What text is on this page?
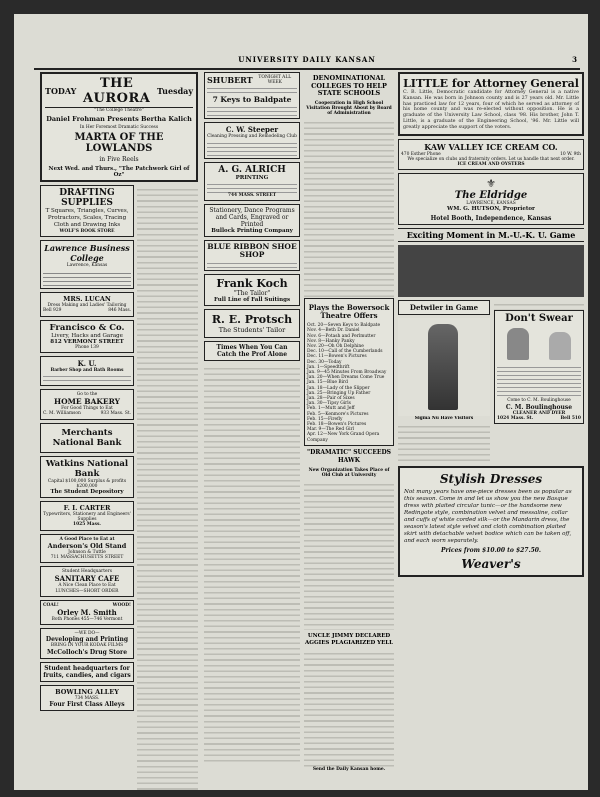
UNIVERSITY DAILY KANSAN	3
TODAY	THE AURORA Tuesday
"The College Theatre"
Daniel Frohman Presents Bertha Kalich
In Her Foremost Dramatic Success
MARTA OF THE LOWLANDS
in Five Reels
Next Wed. and Thurs., "The Patchwork Girl of Oz"
DRAFTING SUPPLIES
T Squares, Triangles, Curves, Protractors, Scales, Tracing Cloth and Drawing Inks
WOLF'S BOOK STORE
Lawrence Business College
Lawrence, Kansas
MRS. LUCAN
Dress Making and Ladies' Tailoring
Bell 929	846 Mass.
Francisco & Co.
Livery, Hacks and Garage
812 VERMONT STREET
Phone 139
K. U.
Barber Shop and Bath Rooms
Go to the
HOME BAKERY
For Good Things to Eat
C. M. Williamson	933 Mass. St.
Merchants National Bank
Watkins National Bank
Capital $100,000 Surplus & profits $200,000
The Student Depository
F. I. CARTER
Typewriters, Stationery and Engineers' Supplies
1025 Mass.
A Good Place to Eat at
Anderson's Old Stand
Johnson & Tuttle
711 MASSACHUSETTS STREET
Student Headquarters
SANITARY CAFE
A Nice Clean Place to Eat
LUNCHES—SHORT ORDER
COAL!	WOOD!
Orley M. Smith
Both Phones 455—746 Vermont
—WE DO—
Developing and Printing
BRING IN YOUR KODAK FILMS
McColloch's Drug Store
Student headquarters for fruits, candies, and cigars
BOWLING ALLEY
734 MASS.
Four First Class Alleys
SHUBERT	TONIGHT ALL WEEK
7 Keys to Baldpate
C. W. Steeper
Cleaning Pressing and Remodeling Club
A. G. ALRICH
PRINTING
744 MASS. STREET
Stationery, Dance Programs and Cards, Engraved or Printed
Bullock Printing Company
BLUE RIBBON SHOE SHOP
Frank Koch
"The Tailor"
Full Line of Fall Suitings
R. E. Protsch
The Students' Tailor
Times When You Can Catch the Prof Alone
DENOMINATIONAL COLLEGES TO HELP STATE SCHOOLS
Cooperation in High School Visitation Brought About by Board of Administration
Plays the Bowersock Theatre Offers
Oct. 20—Seven Keys to Baldpate
Nov. 4—Beth Dr. Daniel
Nov. 6—Potash and Perlmutter
Nov. 8—Hanky Panky
Nov. 20—Oh Oh Delphine
Dec. 10—Call of the Cumberlands
Dec. 11—Bowen's Pictures
Dec. 30—Today
Jan. 1—Speedthrift
Jan. 9—45 Minutes From Broadway
Jan. 20—When Dreams Come True
Jan. 15—Blue Bird
Jan. 18—Lady of the Slipper
Jan. 25—Bringing Up Father
Jan. 28—Pair of Sixes
Jan. 30—Tipsy Girls
Feb. 1—Mutt and Jeff
Feb. 5—Kenmore's Pictures
Feb. 15—Firefly
Feb. 18—Bowen's Pictures
Mar. 9—The Red Girl
Apr. 12—New York Grand Opera Company
"DRAMATIC" SUCCEEDS HAWK
New Organization Takes Place of Old Club at University
UNCLE JIMMY DECLARED AGGIES PLAGIARIZED YELL
Send the Daily Kansan home.
LITTLE for Attorney General
C. B. Little, Democratic candidate for Attorney General is a native Kansan. He was born in Johnson county and is 27 years old. Mr. Little has practiced law for 12 years, four of which he served as attorney of his home county and was re-elected without opposition. He is a graduate of the University Law School, class '98. His brother, John T. Little, is a graduate of the Engineering School, '96. Mr. Little will greatly appreciate the support of the voters.
KAW VALLEY ICE CREAM CO.
470 Esther Phone	10 W. 9th
We specialize on clubs and fraternity orders. Let us handle that next order.
ICE CREAM AND OYSTERS
⚜
The Eldridge
LAWRENCE, KANSAS
WM. G. HUTSON, Proprietor
Hotel Booth, Independence, Kansas
Exciting Moment in M.-U.-K. U. Game
Detwiler in Game
Sigma Nu Have Visitors
Don't Swear
Come to C. M. Boulinghouse
C. M. Boulinghouse
CLEANER AND DYER
1024 Mass. St.	Bell 510
Stylish Dresses
Not many years have one-piece dresses been as popular as this season. Come in and let us show you the new Basque dress with plaited circular tunic—or the handsome new Redingote style, combination velvet and messaline, collar and cuffs of white corded silk—or the Mandarin dress, the season's latest style velvet and cloth combination plaited skirt with detachable velvet bodice which can be taken off, and each worn separately.
Prices from $10.00 to $27.50.
Weaver's
